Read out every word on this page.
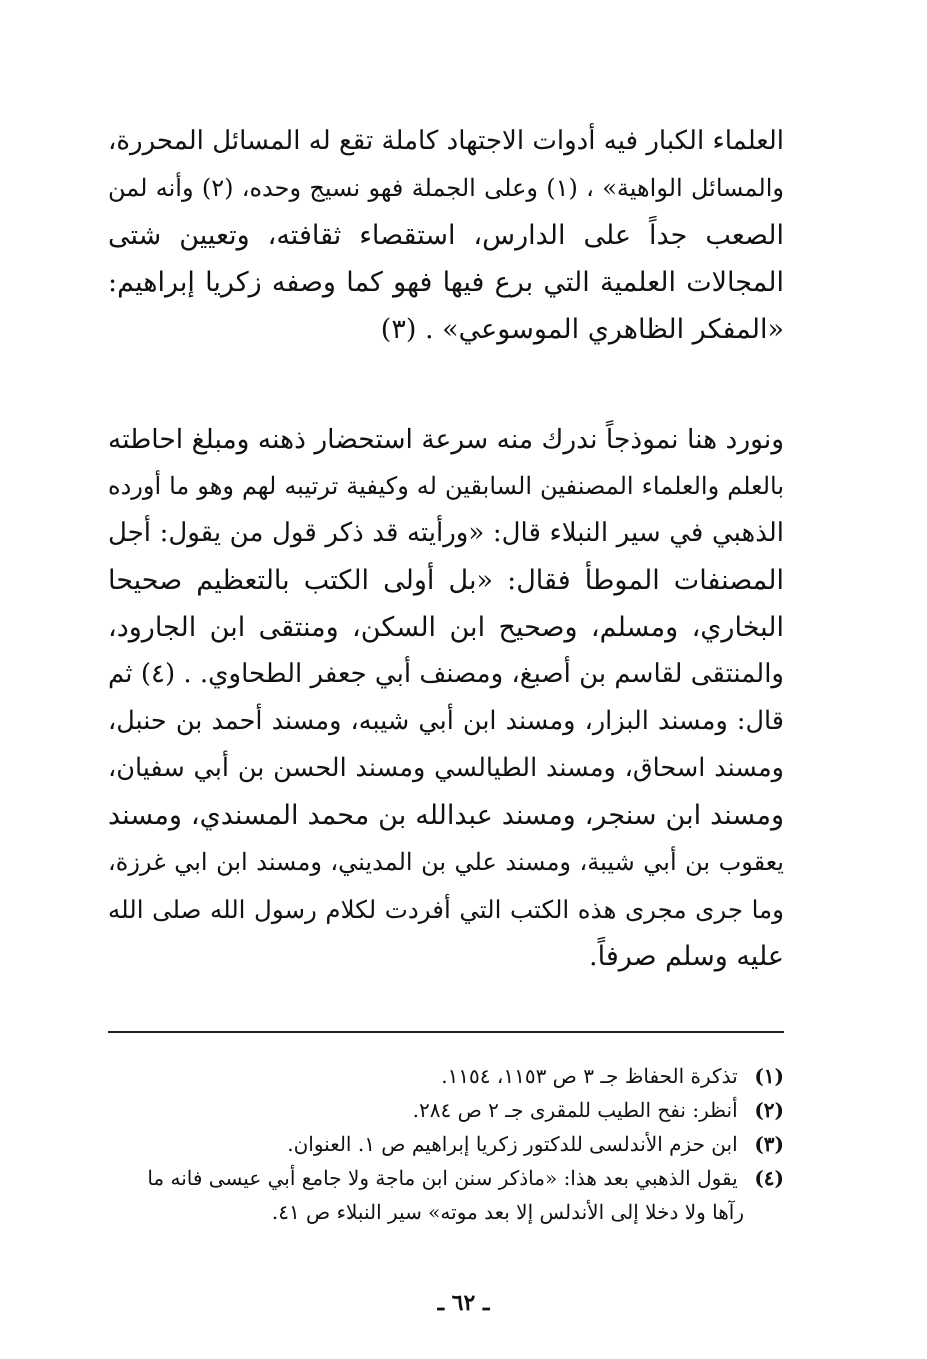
العلماء الكبار فيه أدوات الاجتهاد كاملة تقع له المسائل المحررة،
والمسائل الواهية» ، (١) وعلى الجملة فهو نسيج وحده، (٢) وأنه لمن
الصعب جداً على الدارس، استقصاء ثقافته، وتعيين شتى
المجالات العلمية التي برع فيها فهو كما وصفه زكريا إبراهيم:
«المفكر الظاهري الموسوعي» . (٣)
ونورد هنا نموذجاً ندرك منه سرعة استحضار ذهنه ومبلغ احاطته
بالعلم والعلماء المصنفين السابقين له وكيفية ترتيبه لهم وهو ما أورده
الذهبي في سير النبلاء قال: «ورأيته قد ذكر قول من يقول: أجل
المصنفات الموطأ فقال: «بل أولى الكتب بالتعظيم صحيحا
البخاري، ومسلم، وصحيح ابن السكن، ومنتقى ابن الجارود،
والمنتقى لقاسم بن أصبغ، ومصنف أبي جعفر الطحاوي. . (٤) ثم
قال: ومسند البزار، ومسند ابن أبي شيبه، ومسند أحمد بن حنبل،
ومسند اسحاق، ومسند الطيالسي ومسند الحسن بن أبي سفيان،
ومسند ابن سنجر، ومسند عبدالله بن محمد المسندي، ومسند
يعقوب بن أبي شيبة، ومسند علي بن المديني، ومسند ابن ابي غرزة،
وما جرى مجرى هذه الكتب التي أفردت لكلام رسول الله صلى الله
عليه وسلم صرفاً.
(١) تذكرة الحفاظ جـ ٣ ص ١١٥٣، ١١٥٤.
(٢) أنظر: نفح الطيب للمقرى جـ ٢ ص ٢٨٤.
(٣) ابن حزم الأندلسى للدكتور زكريا إبراهيم ص ١. العنوان.
(٤) يقول الذهبي بعد هذا: «ماذكر سنن ابن ماجة ولا جامع أبي عيسى فانه ما
رآها ولا دخلا إلى الأندلس إلا بعد موته» سير النبلاء ص ٤١.
ـ ٦٢ ـ
